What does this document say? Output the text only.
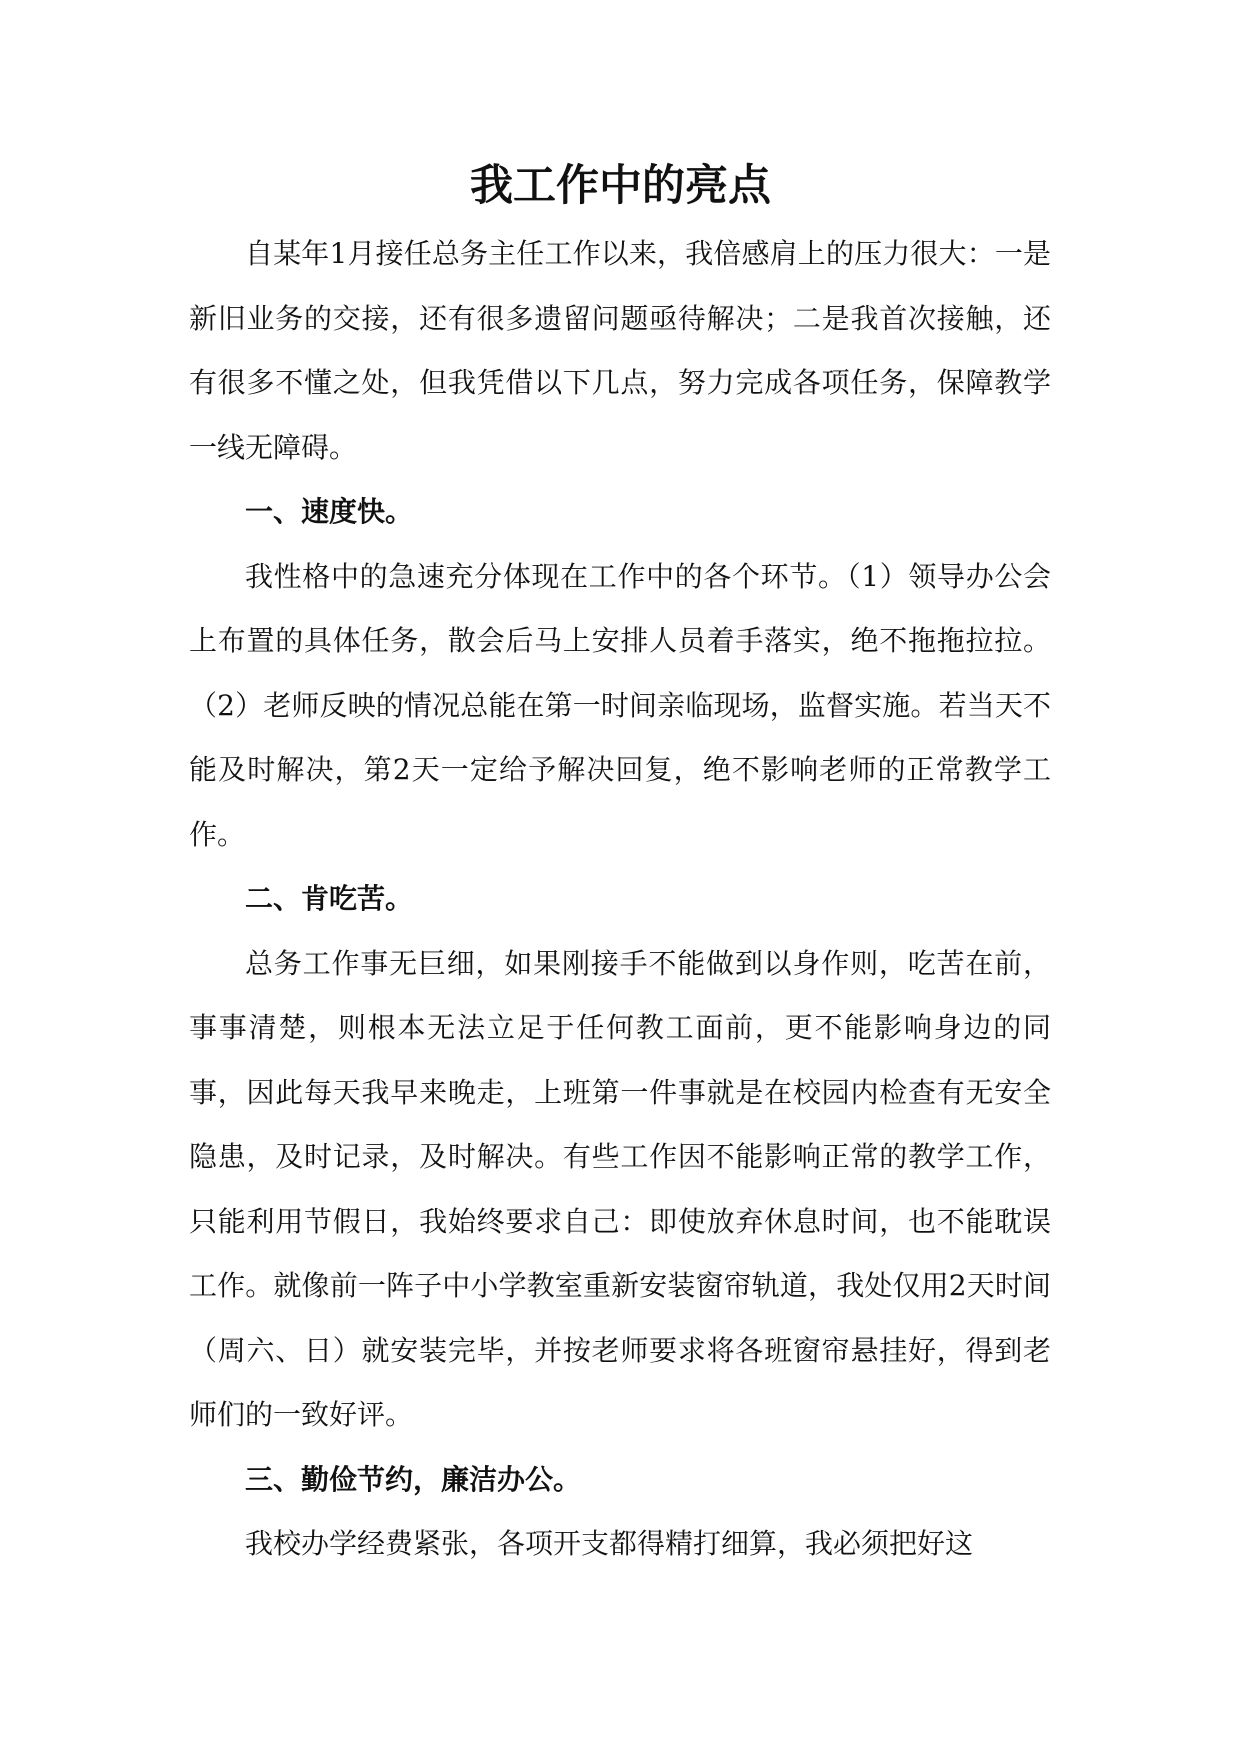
我工作中的亮点

自某年1月接任总务主任工作以来，我倍感肩上的压力很大：一是新旧业务的交接，还有很多遗留问题亟待解决；二是我首次接触，还有很多不懂之处，但我凭借以下几点，努力完成各项任务，保障教学一线无障碍。

一、速度快。

我性格中的急速充分体现在工作中的各个环节。（1）领导办公会上布置的具体任务，散会后马上安排人员着手落实，绝不拖拖拉拉。（2）老师反映的情况总能在第一时间亲临现场，监督实施。若当天不能及时解决，第2天一定给予解决回复，绝不影响老师的正常教学工作。

二、肯吃苦。

总务工作事无巨细，如果刚接手不能做到以身作则，吃苦在前，事事清楚，则根本无法立足于任何教工面前，更不能影响身边的同事，因此每天我早来晚走，上班第一件事就是在校园内检查有无安全隐患，及时记录，及时解决。有些工作因不能影响正常的教学工作，只能利用节假日，我始终要求自己：即使放弃休息时间，也不能耽误工作。就像前一阵子中小学教室重新安装窗帘轨道，我处仅用2天时间（周六、日）就安装完毕，并按老师要求将各班窗帘悬挂好，得到老师们的一致好评。

三、勤俭节约，廉洁办公。

我校办学经费紧张，各项开支都得精打细算，我必须把好这
